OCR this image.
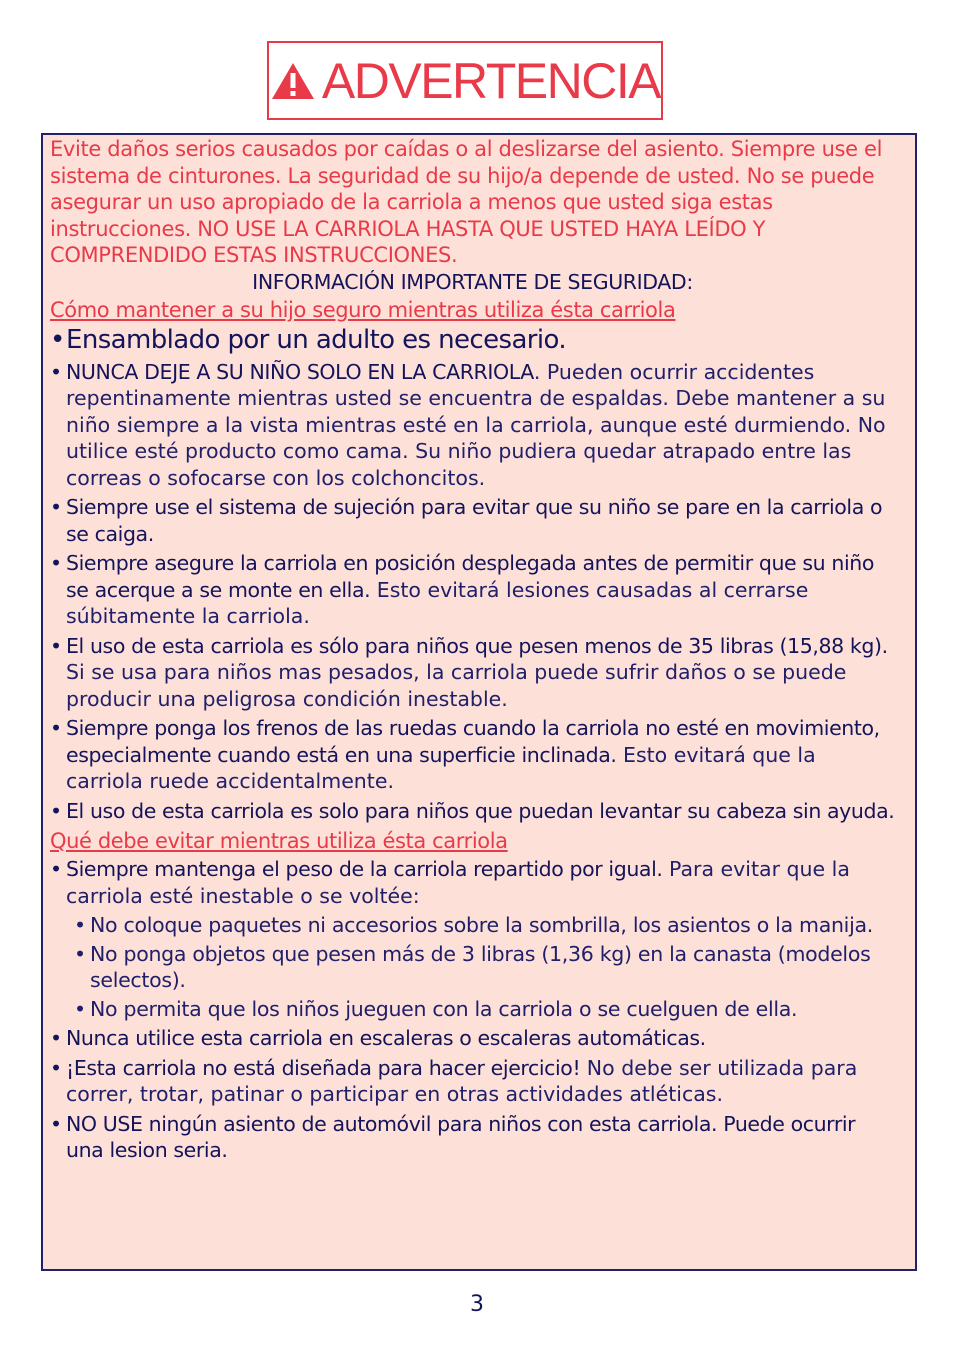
ADVERTENCIA
Evite daños serios causados por caídas o al deslizarse del asiento. Siempre use el sistema de cinturones. La seguridad de su hijo/a depende de usted. No se puede asegurar un uso apropiado de la carriola a menos que usted siga estas instrucciones. NO USE LA CARRIOLA HASTA QUE USTED HAYA LEÍDO Y COMPRENDIDO ESTAS INSTRUCCIONES.
INFORMACIÓN IMPORTANTE DE SEGURIDAD:
Cómo mantener a su hijo seguro mientras utiliza ésta carriola
• Ensamblado por un adulto es necesario.
• NUNCA DEJE A SU NIÑO SOLO EN LA CARRIOLA. Pueden ocurrir accidentes repentinamente mientras usted se encuentra de espaldas. Debe mantener a su niño siempre a la vista mientras esté en la carriola, aunque esté durmiendo. No utilice esté producto como cama. Su niño pudiera quedar atrapado entre las correas o sofocarse con los colchoncitos.
• Siempre use el sistema de sujeción para evitar que su niño se pare en la carriola o se caiga.
• Siempre asegure la carriola en posición desplegada antes de permitir que su niño se acerque a se monte en ella. Esto evitará lesiones causadas al cerrarse súbitamente la carriola.
• El uso de esta carriola es sólo para niños que pesen menos de 35 libras (15,88 kg). Si se usa para niños mas pesados, la carriola puede sufrir daños o se puede producir una peligrosa condición inestable.
• Siempre ponga los frenos de las ruedas cuando la carriola no esté en movimiento, especialmente cuando está en una superficie inclinada. Esto evitará que la carriola ruede accidentalmente.
• El uso de esta carriola es solo para niños que puedan levantar su cabeza sin ayuda.
Qué debe evitar mientras utiliza ésta carriola
• Siempre mantenga el peso de la carriola repartido por igual. Para evitar que la carriola esté inestable o se voltée:
• No coloque paquetes ni accesorios sobre la sombrilla, los asientos o la manija.
• No ponga objetos que pesen más de 3 libras (1,36 kg) en la canasta (modelos selectos).
• No permita que los niños jueguen con la carriola o se cuelguen de ella.
• Nunca utilice esta carriola en escaleras o escaleras automáticas.
• ¡Esta carriola no está diseñada para hacer ejercicio! No debe ser utilizada para correr, trotar, patinar o participar en otras actividades atléticas.
• NO USE ningún asiento de automóvil para niños con esta carriola. Puede ocurrir una lesion seria.
3
